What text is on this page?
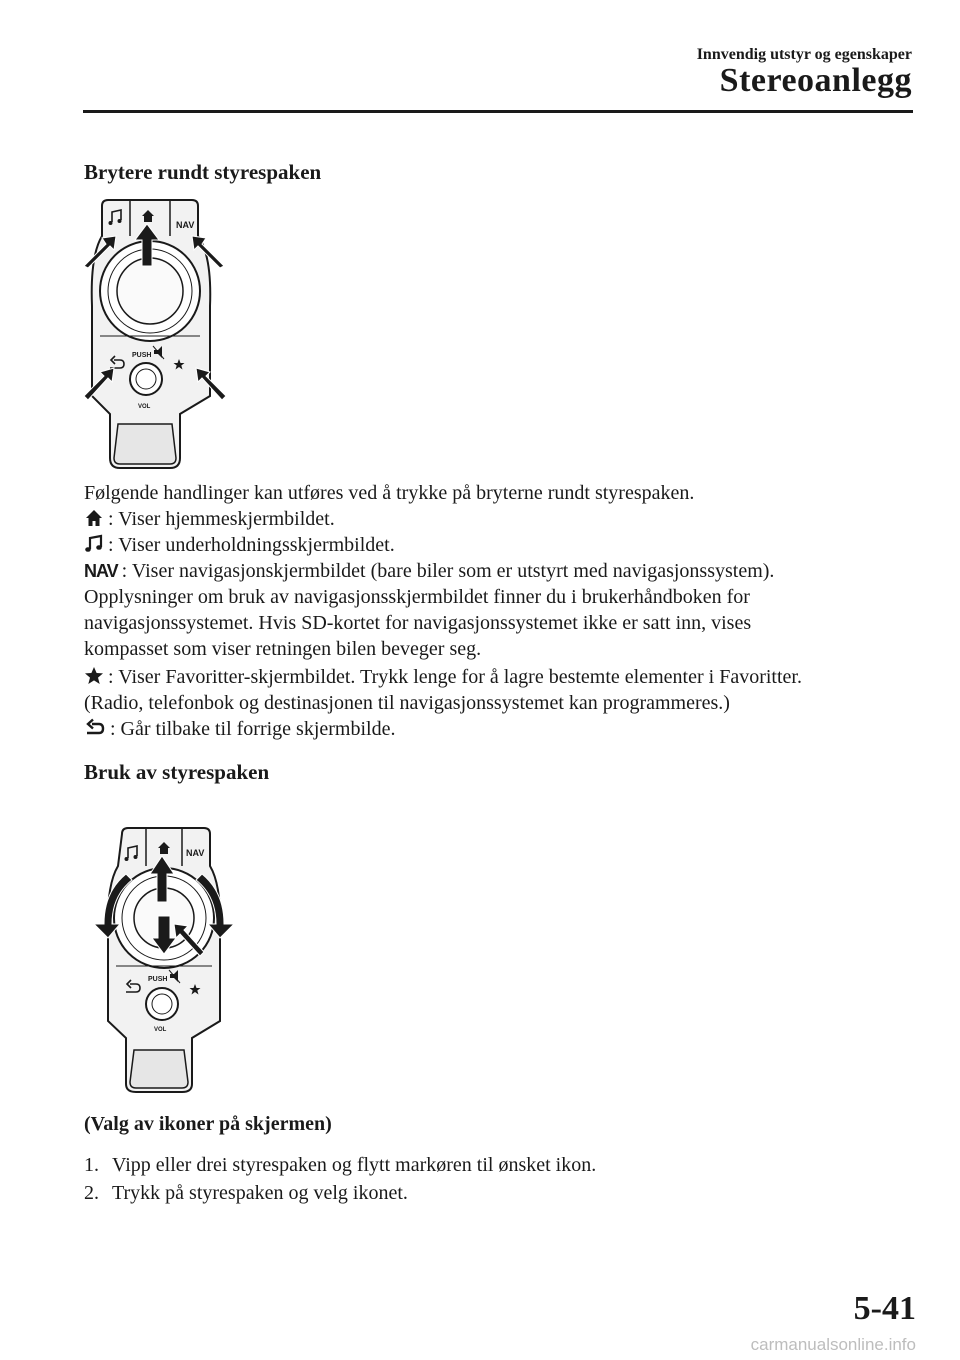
Innvendig utstyr og egenskaper
Stereoanlegg
Brytere rundt styrespaken
NAV
PUSH
VOL
Følgende handlinger kan utføres ved å trykke på bryterne rundt styrespaken.
: Viser hjemmeskjermbildet.
: Viser underholdningsskjermbildet.
NAV : Viser navigasjonskjermbildet (bare biler som er utstyrt med navigasjonssystem).
Opplysninger om bruk av navigasjonsskjermbildet finner du i brukerhåndboken for
navigasjonssystemet. Hvis SD-kortet for navigasjonssystemet ikke er satt inn, vises
kompasset som viser retningen bilen beveger seg.
: Viser Favoritter-skjermbildet. Trykk lenge for å lagre bestemte elementer i Favoritter.
(Radio, telefonbok og destinasjonen til navigasjonssystemet kan programmeres.)
: Går tilbake til forrige skjermbilde.
Bruk av styrespaken
NAV
PUSH
VOL
(Valg av ikoner på skjermen)
1. Vipp eller drei styrespaken og flytt markøren til ønsket ikon.
2. Trykk på styrespaken og velg ikonet.
5-41
carmanualsonline.info
